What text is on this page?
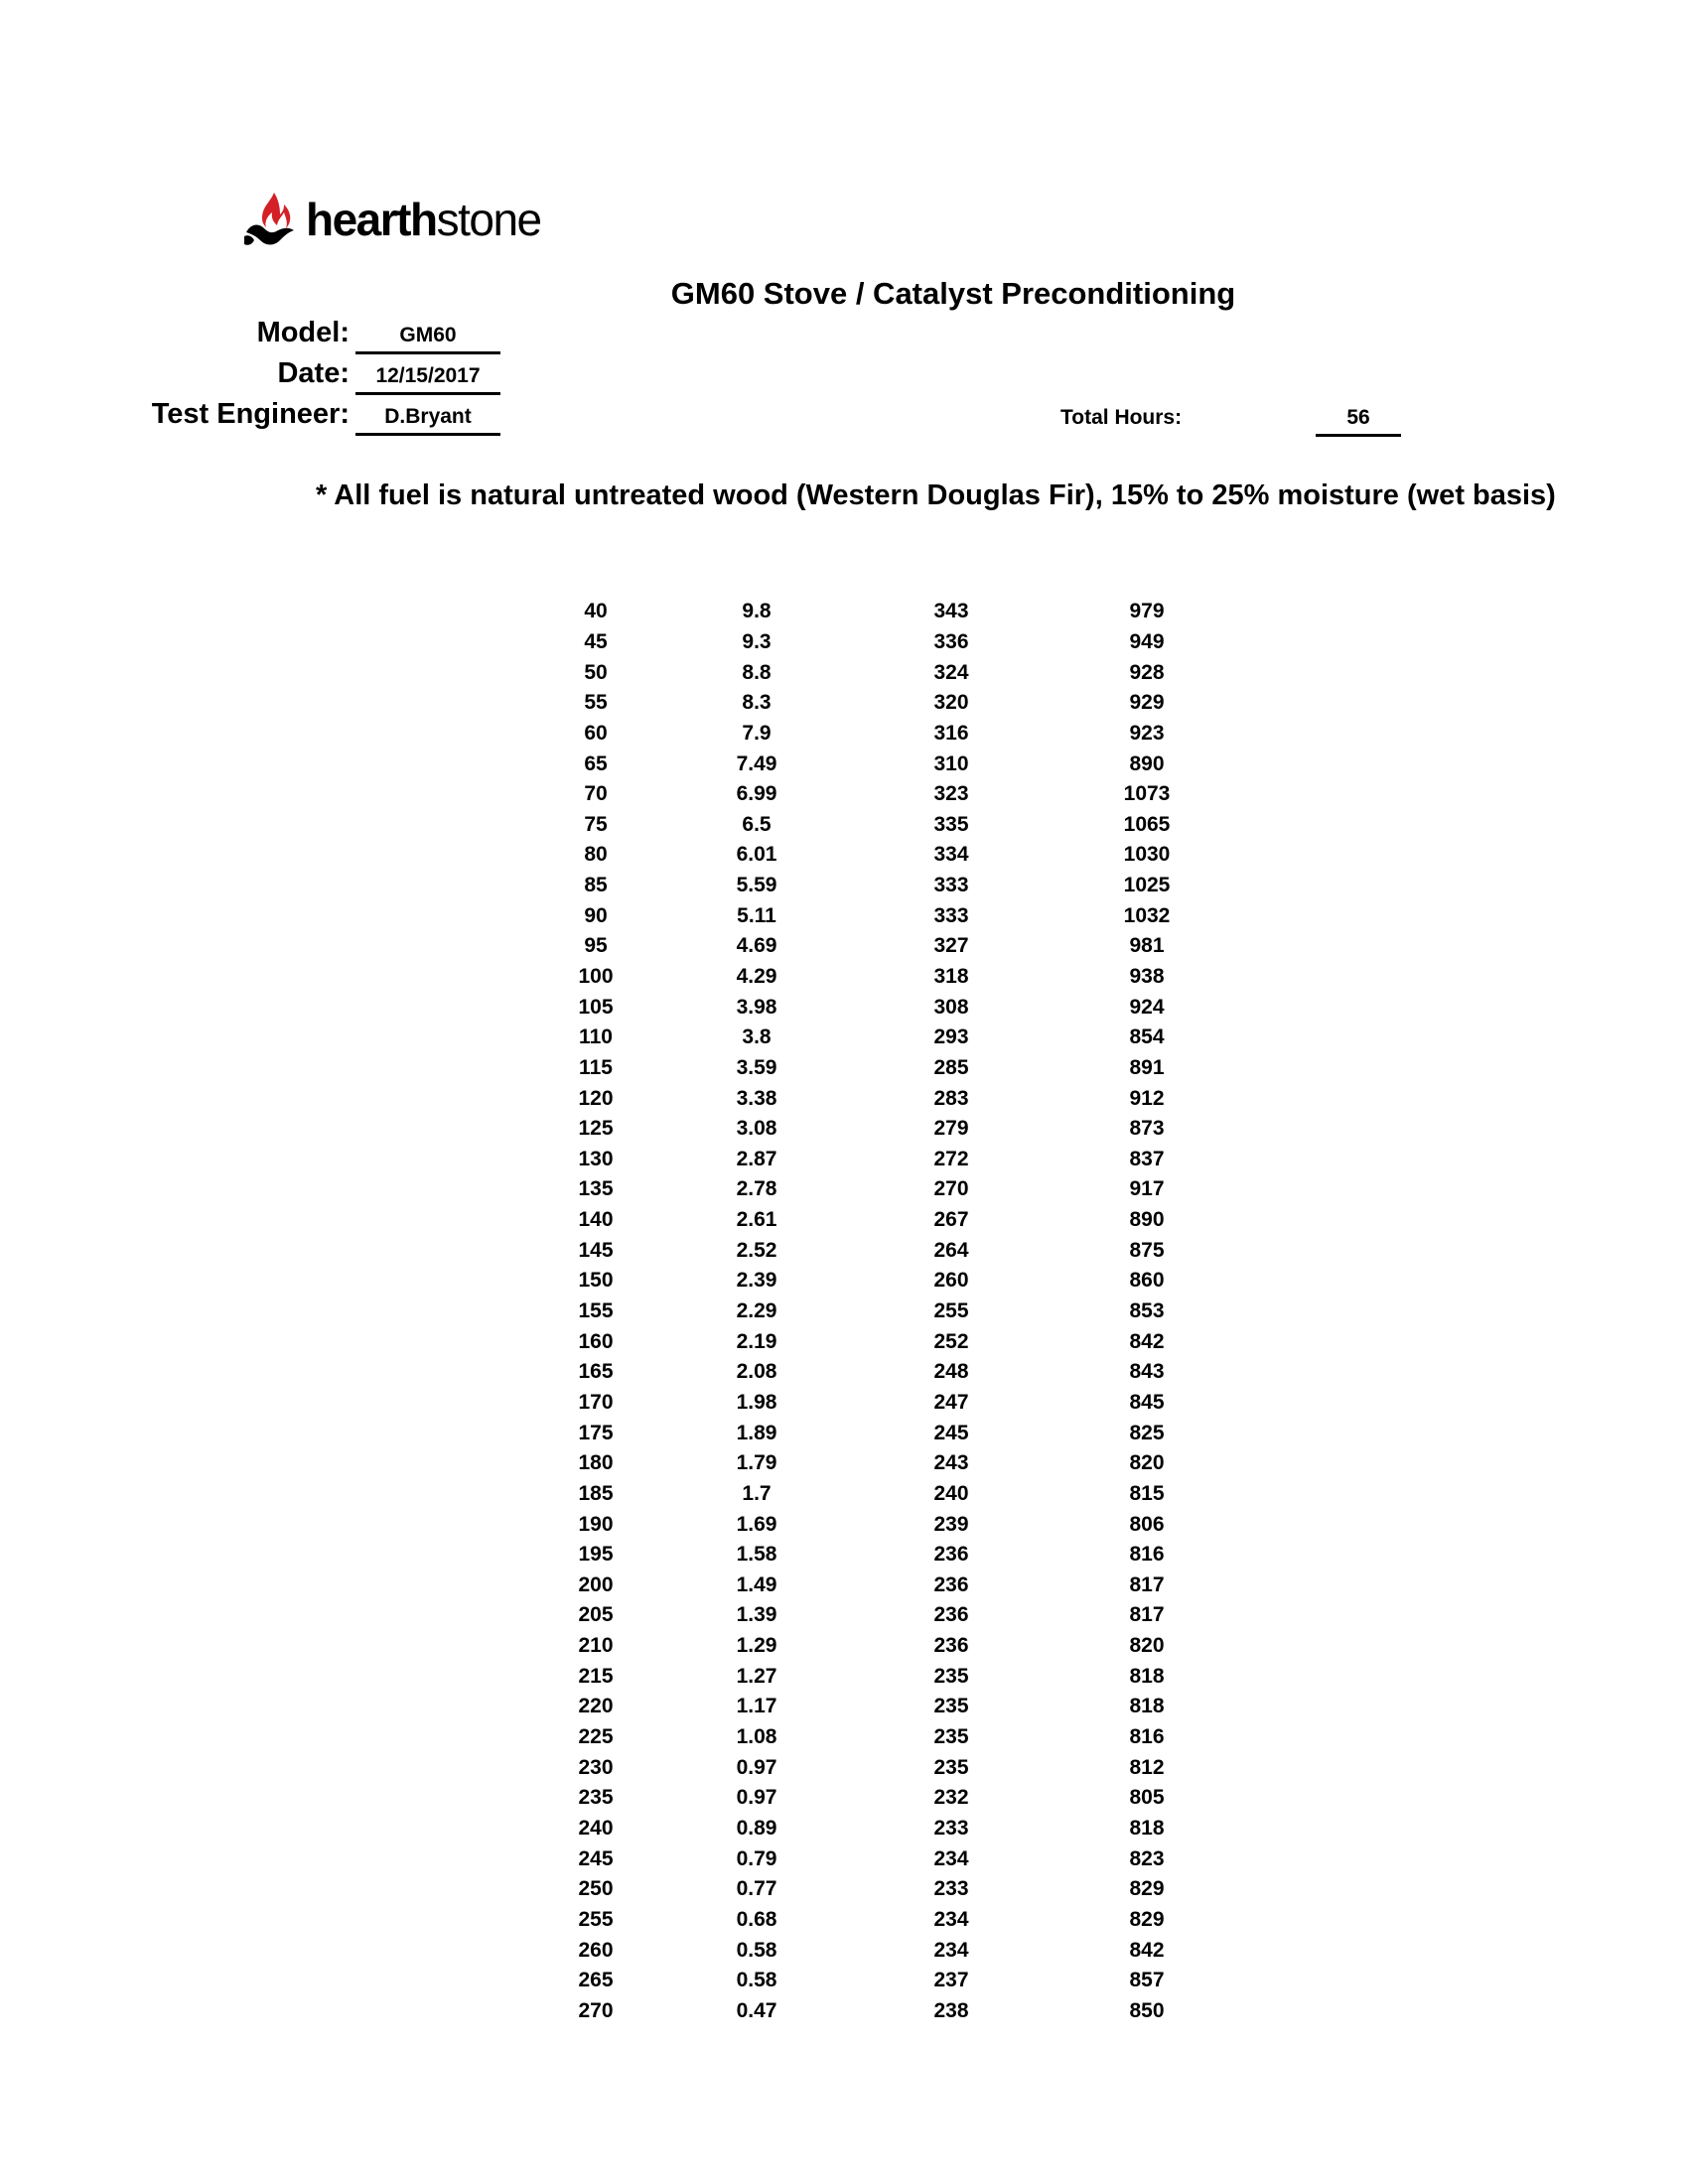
hearthstone
GM60 Stove / Catalyst Preconditioning
Model:	GM60
Date:	12/15/2017
Test Engineer:	D.Bryant	Total Hours:	56
* All fuel is natural untreated wood (Western Douglas Fir), 15% to 25% moisture (wet basis)
40	9.8	343	979
45	9.3	336	949
50	8.8	324	928
55	8.3	320	929
60	7.9	316	923
65	7.49	310	890
70	6.99	323	1073
75	6.5	335	1065
80	6.01	334	1030
85	5.59	333	1025
90	5.11	333	1032
95	4.69	327	981
100	4.29	318	938
105	3.98	308	924
110	3.8	293	854
115	3.59	285	891
120	3.38	283	912
125	3.08	279	873
130	2.87	272	837
135	2.78	270	917
140	2.61	267	890
145	2.52	264	875
150	2.39	260	860
155	2.29	255	853
160	2.19	252	842
165	2.08	248	843
170	1.98	247	845
175	1.89	245	825
180	1.79	243	820
185	1.7	240	815
190	1.69	239	806
195	1.58	236	816
200	1.49	236	817
205	1.39	236	817
210	1.29	236	820
215	1.27	235	818
220	1.17	235	818
225	1.08	235	816
230	0.97	235	812
235	0.97	232	805
240	0.89	233	818
245	0.79	234	823
250	0.77	233	829
255	0.68	234	829
260	0.58	234	842
265	0.58	237	857
270	0.47	238	850
